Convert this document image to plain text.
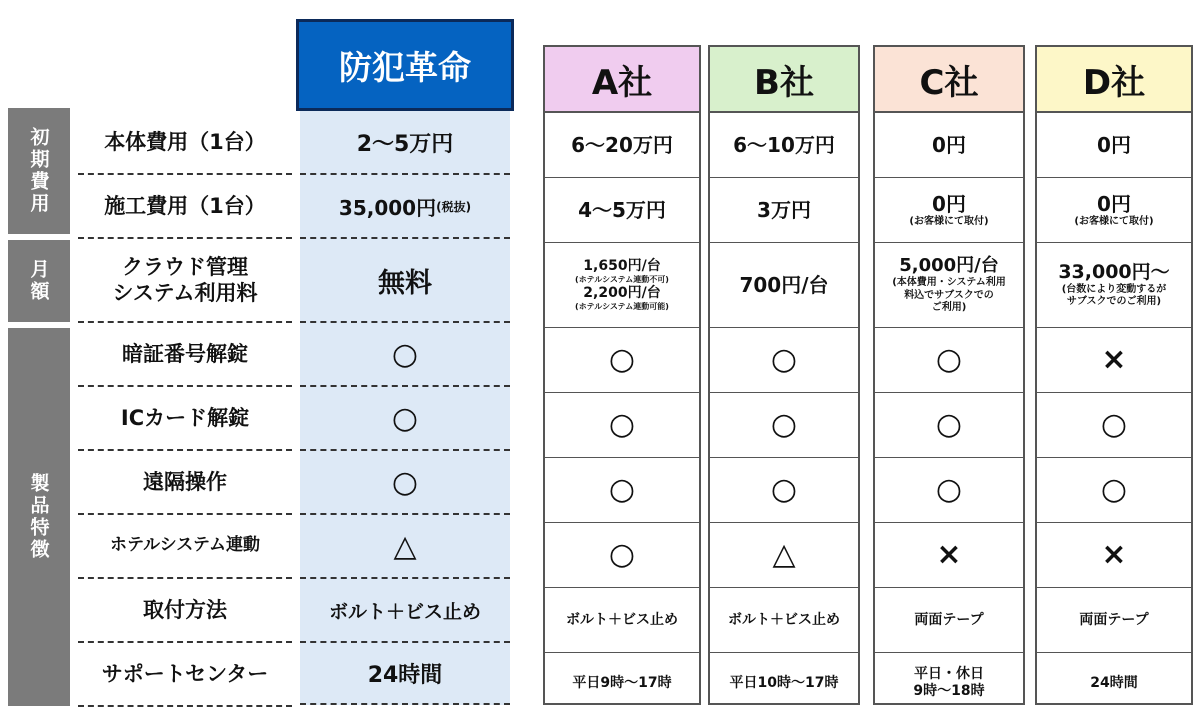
初期費用
月額
製品特徴
本体費用（1台）
施工費用（1台）
クラウド管理
システム利用料
暗証番号解錠
ICカード解錠
遠隔操作
ホテルシステム連動
取付方法
サポートセンター
防犯革命
2～5万円
35,000円 (税抜)
無料
○
○
○
△
ボルト＋ビス止め
24時間
A社
6～20万円
4～5万円
1,650円/台
(ホテルシステム連動不可)
2,200円/台
(ホテルシステム連動可能)
○
○
○
○
ボルト＋ビス止め
平日9時～17時
B社
6～10万円
3万円
700円/台
○
○
○
△
ボルト＋ビス止め
平日10時～17時
C社
0円
0円
(お客様にて取付)
5,000円/台
(本体費用・システム利用
料込でサブスクでの
ご利用)
○
○
○
×
両面テープ
平日・休日
9時～18時
D社
0円
0円
(お客様にて取付)
33,000円～
(台数により変動するが
サブスクでのご利用)
×
○
○
×
両面テープ
24時間
